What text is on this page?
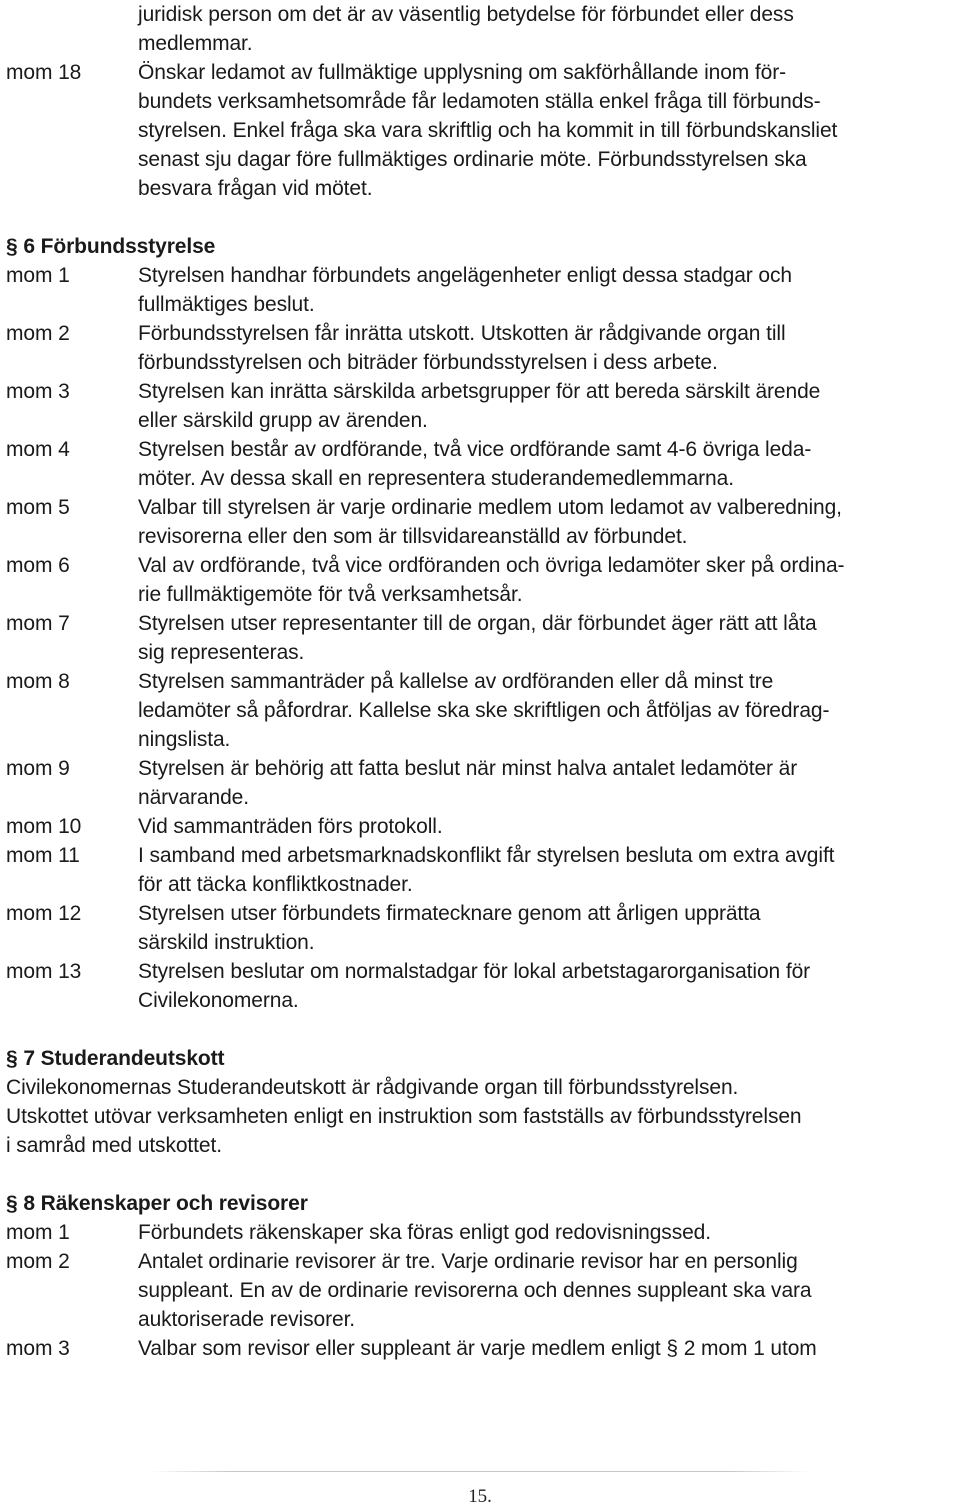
juridisk person om det är av väsentlig betydelse för förbundet eller dess
medlemmar.
mom 18	Önskar ledamot av fullmäktige upplysning om sakförhållande inom för-
bundets verksamhetsområde får ledamoten ställa enkel fråga till förbunds-
styrelsen. Enkel fråga ska vara skriftlig och ha kommit in till förbundskansliet
senast sju dagar före fullmäktiges ordinarie möte. Förbundsstyrelsen ska
besvara frågan vid mötet.
§ 6 Förbundsstyrelse
mom 1	Styrelsen handhar förbundets angelägenheter enligt dessa stadgar och
fullmäktiges beslut.
mom 2	Förbundsstyrelsen får inrätta utskott. Utskotten är rådgivande organ till
förbundsstyrelsen och biträder förbundsstyrelsen i dess arbete.
mom 3	Styrelsen kan inrätta särskilda arbetsgrupper för att bereda särskilt ärende
eller särskild grupp av ärenden.
mom 4	Styrelsen består av ordförande, två vice ordförande samt 4-6 övriga leda-
möter. Av dessa skall en representera studerandemedlemmarna.
mom 5	Valbar till styrelsen är varje ordinarie medlem utom ledamot av valberedning,
revisorerna eller den som är tillsvidareanställd av förbundet.
mom 6	Val av ordförande, två vice ordföranden och övriga ledamöter sker på ordina-
rie fullmäktigemöte för två verksamhetsår.
mom 7	Styrelsen utser representanter till de organ, där förbundet äger rätt att låta
sig representeras.
mom 8	Styrelsen sammanträder på kallelse av ordföranden eller då minst tre
ledamöter så påfordrar. Kallelse ska ske skriftligen och åtföljas av föredrag-
ningslista.
mom 9	Styrelsen är behörig att fatta beslut när minst halva antalet ledamöter är
närvarande.
mom 10	Vid sammanträden förs protokoll.
mom 11	I samband med arbetsmarknadskonflikt får styrelsen besluta om extra avgift
för att täcka konfliktkostnader.
mom 12	Styrelsen utser förbundets firmatecknare genom att årligen upprätta
särskild instruktion.
mom 13	Styrelsen beslutar om normalstadgar för lokal arbetstagarorganisation för
Civilekonomerna.
§ 7 Studerandeutskott
Civilekonomernas Studerandeutskott är rådgivande organ till förbundsstyrelsen.
Utskottet utövar verksamheten enligt en instruktion som fastställs av förbundsstyrelsen
i samråd med utskottet.
§ 8 Räkenskaper och revisorer
mom 1	Förbundets räkenskaper ska föras enligt god redovisningssed.
mom 2	Antalet ordinarie revisorer är tre. Varje ordinarie revisor har en personlig
suppleant. En av de ordinarie revisorerna och dennes suppleant ska vara
auktoriserade revisorer.
mom 3	Valbar som revisor eller suppleant är varje medlem enligt § 2 mom 1 utom
15.
